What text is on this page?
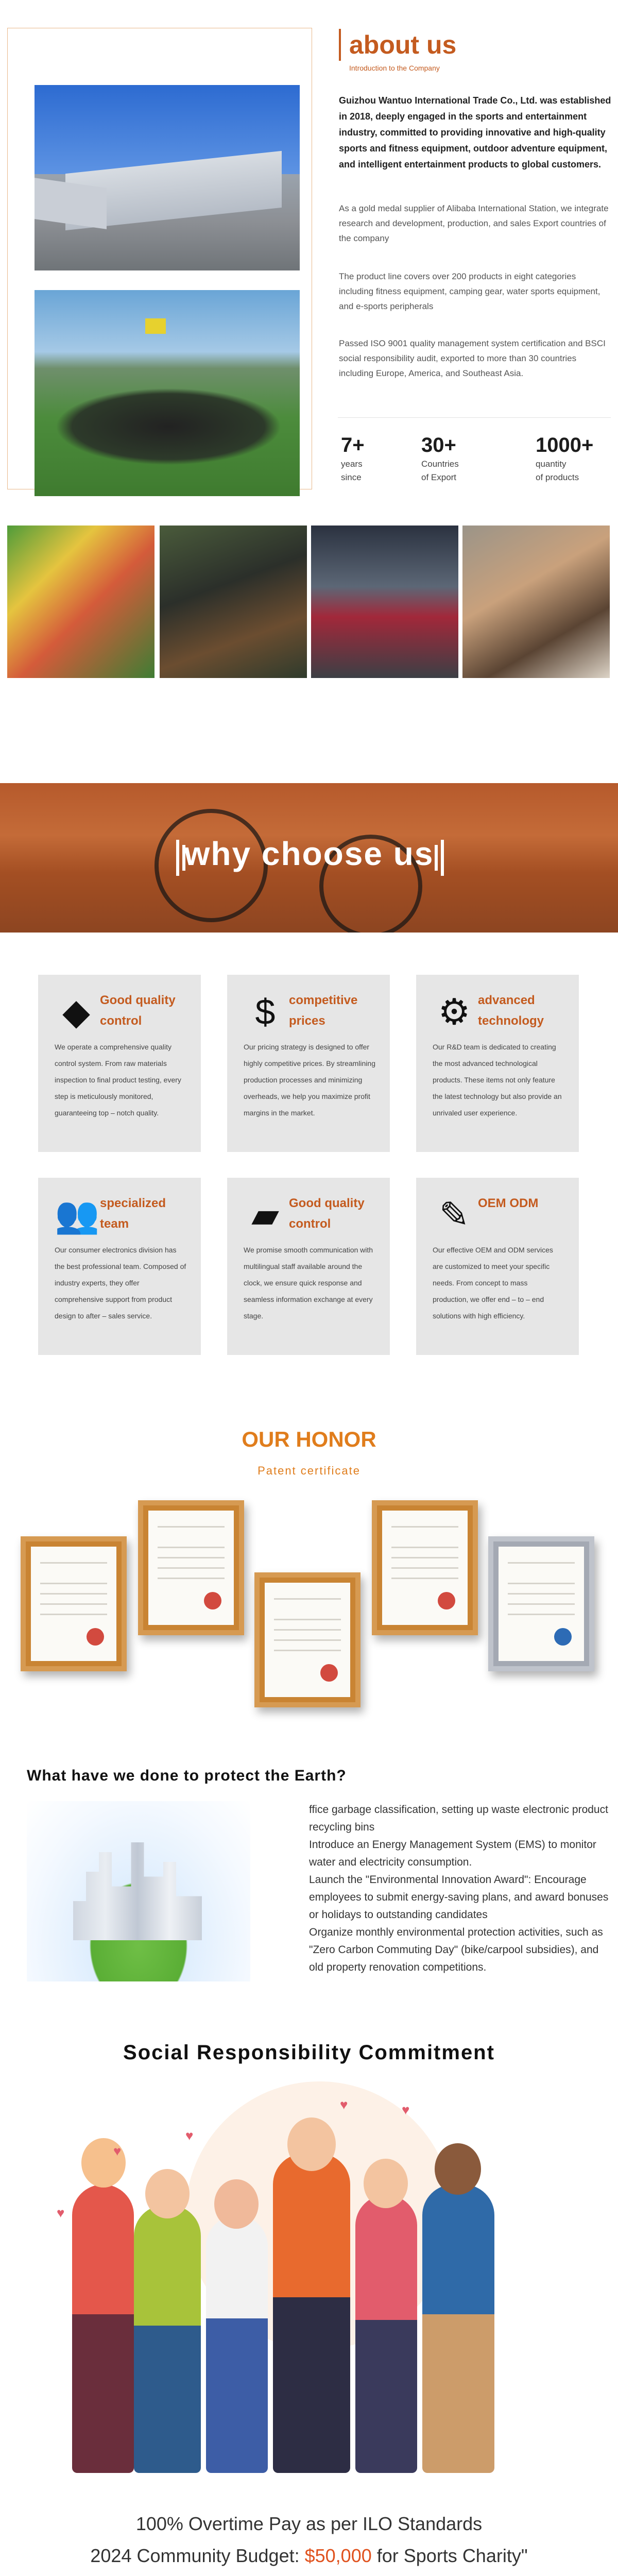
about us
Introduction to the Company
Guizhou Wantuo International Trade Co., Ltd. was established in 2018, deeply engaged in the sports and entertainment industry, committed to providing innovative and high-quality sports and fitness equipment, outdoor adventure equipment, and intelligent entertainment products to global customers.
As a gold medal supplier of Alibaba International Station, we integrate research and development, production, and sales Export countries of the company
The product line covers over 200 products in eight categories including fitness equipment, camping gear, water sports equipment, and e-sports peripherals
Passed ISO 9001 quality management system certification and BSCI social responsibility audit, exported to more than 30 countries including Europe, America, and Southeast Asia.
7+
years
since
30+
Countries
of Export
1000+
quantity
of products
why choose us
◆ Good quality control
We operate a comprehensive quality control system. From raw materials inspection to final product testing, every step is meticulously monitored, guaranteeing top – notch quality.
$	competitive prices
Our pricing strategy is designed to offer highly competitive prices. By streamlining production processes and minimizing overheads, we help you maximize profit margins in the market.
⚙ advanced technology
Our R&D team is dedicated to creating the most advanced technological products. These items not only feature the latest technology but also provide an unrivaled user experience.
👥 specialized team
Our consumer electronics division has the best professional team. Composed of industry experts, they offer comprehensive support from product design to after – sales service.
▰ Good quality control
We promise smooth communication with multilingual staff available around the clock, we ensure quick response and seamless information exchange at every stage.
✎ OEM ODM
Our effective OEM and ODM services are customized to meet your specific needs. From concept to mass production, we offer end – to – end solutions with high efficiency.
OUR HONOR
Patent certificate
What have we done to protect the Earth?

ffice garbage classification, setting up waste electronic product recycling bins

Introduce an Energy Management System (EMS) to monitor water and electricity consumption.

Launch the "Environmental Innovation Award": Encourage employees to submit energy-saving plans, and award bonuses or holidays to outstanding candidates

Organize monthly environmental protection activities, such as "Zero Carbon Commuting Day" (bike/carpool subsidies), and old property renovation competitions.

Social Responsibility Commitment
♥
♥
♥
♥
♥
100% Overtime Pay as per ILO Standards
2024 Community Budget: $50,000 for Sports Charity"
